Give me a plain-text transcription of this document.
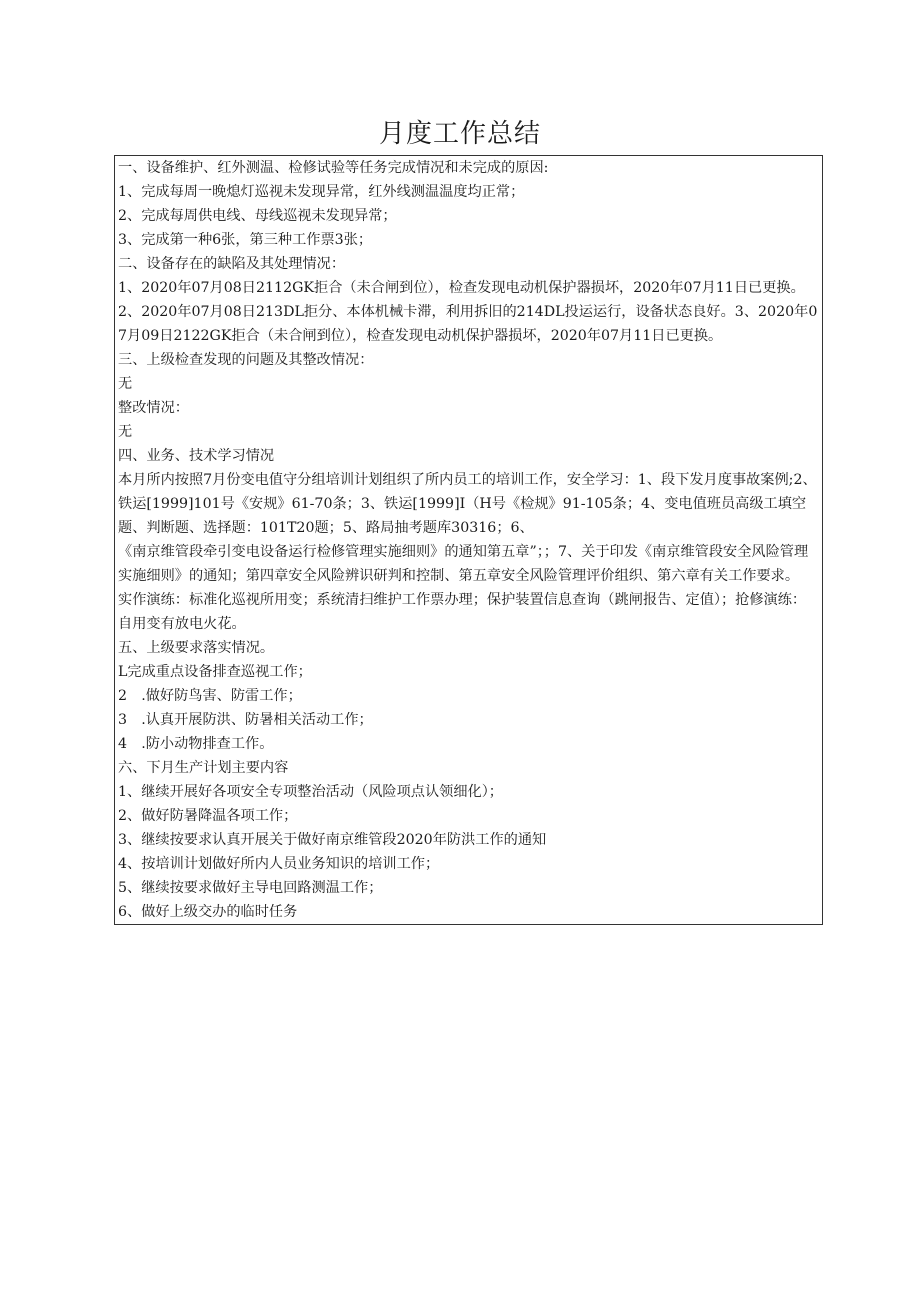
月度工作总结
一、设备维护、红外测温、检修试验等任务完成情况和未完成的原因:
1、完成每周一晚熄灯巡视未发现异常，红外线测温温度均正常；
2、完成每周供电线、母线巡视未发现异常；
3、完成第一种6张，第三种工作票3张；
二、设备存在的缺陷及其处理情况：
1、2020年07月08日2112GK拒合（未合闸到位），检查发现电动机保护器损坏，2020年07月11日已更换。
2、2020年07月08日213DL拒分、本体机械卡滞，利用拆旧的214DL投运运行，设备状态良好。3、2020年07月09日2122GK拒合（未合闸到位），检查发现电动机保护器损坏，2020年07月11日已更换。
三、上级检查发现的问题及其整改情况：
无
整改情况：
无
四、业务、技术学习情况
本月所内按照7月份变电值守分组培训计划组织了所内员工的培训工作，安全学习：1、段下发月度事故案例;2、铁运[1999]101号《安规》61-70条；3、铁运[1999]I（H号《检规》91-105条；4、变电值班员高级工填空题、判断题、选择题：101T20题；5、路局抽考题库30316；6、
《南京维管段牵引变电设备运行检修管理实施细则》的通知第五章”；；7、关于印发《南京维管段安全风险管理实施细则》的通知；第四章安全风险辨识研判和控制、第五章安全风险管理评价组织、第六章有关工作要求。
实作演练：标准化巡视所用变；系统清扫维护工作票办理；保护装置信息查询（跳闸报告、定值）；抢修演练：自用变有放电火花。
五、上级要求落实情况。
L完成重点设备排查巡视工作；
2　.做好防鸟害、防雷工作；
3　.认真开展防洪、防暑相关活动工作；
4　.防小动物排查工作。
六、下月生产计划主要内容
1、继续开展好各项安全专项整治活动（风险项点认领细化）；
2、做好防暑降温各项工作；
3、继续按要求认真开展关于做好南京维管段2020年防洪工作的通知
4、按培训计划做好所内人员业务知识的培训工作；
5、继续按要求做好主导电回路测温工作；
6、做好上级交办的临时任务
